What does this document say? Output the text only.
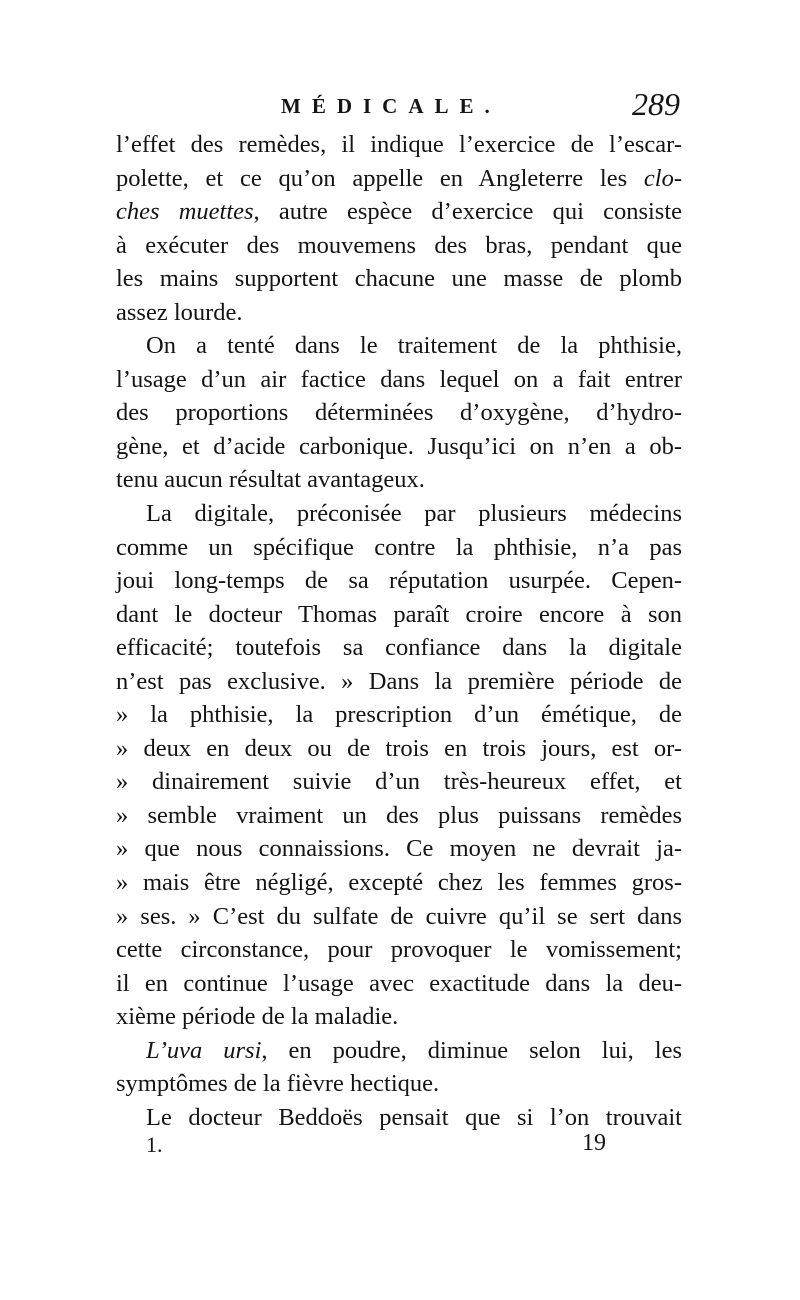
MÉDICALE.	289
l’effet des remèdes, il indique l’exercice de l’escar-
polette, et ce qu’on appelle en Angleterre les clo-
ches muettes, autre espèce d’exercice qui consiste
à exécuter des mouvemens des bras, pendant que
les mains supportent chacune une masse de plomb
assez lourde.
On a tenté dans le traitement de la phthisie,
l’usage d’un air factice dans lequel on a fait entrer
des proportions déterminées d’oxygène, d’hydro-
gène, et d’acide carbonique. Jusqu’ici on n’en a ob-
tenu aucun résultat avantageux.
La digitale, préconisée par plusieurs médecins
comme un spécifique contre la phthisie, n’a pas
joui long-temps de sa réputation usurpée. Cepen-
dant le docteur Thomas paraît croire encore à son
efficacité; toutefois sa confiance dans la digitale
n’est pas exclusive. » Dans la première période de
» la phthisie, la prescription d’un émétique, de
» deux en deux ou de trois en trois jours, est or-
» dinairement suivie d’un très-heureux effet, et
» semble vraiment un des plus puissans remèdes
» que nous connaissions. Ce moyen ne devrait ja-
» mais être négligé, excepté chez les femmes gros-
» ses. » C’est du sulfate de cuivre qu’il se sert dans
cette circonstance, pour provoquer le vomissement;
il en continue l’usage avec exactitude dans la deu-
xième période de la maladie.
L’uva ursi, en poudre, diminue selon lui, les
symptômes de la fièvre hectique.
Le docteur Beddoës pensait que si l’on trouvait
1.	19
